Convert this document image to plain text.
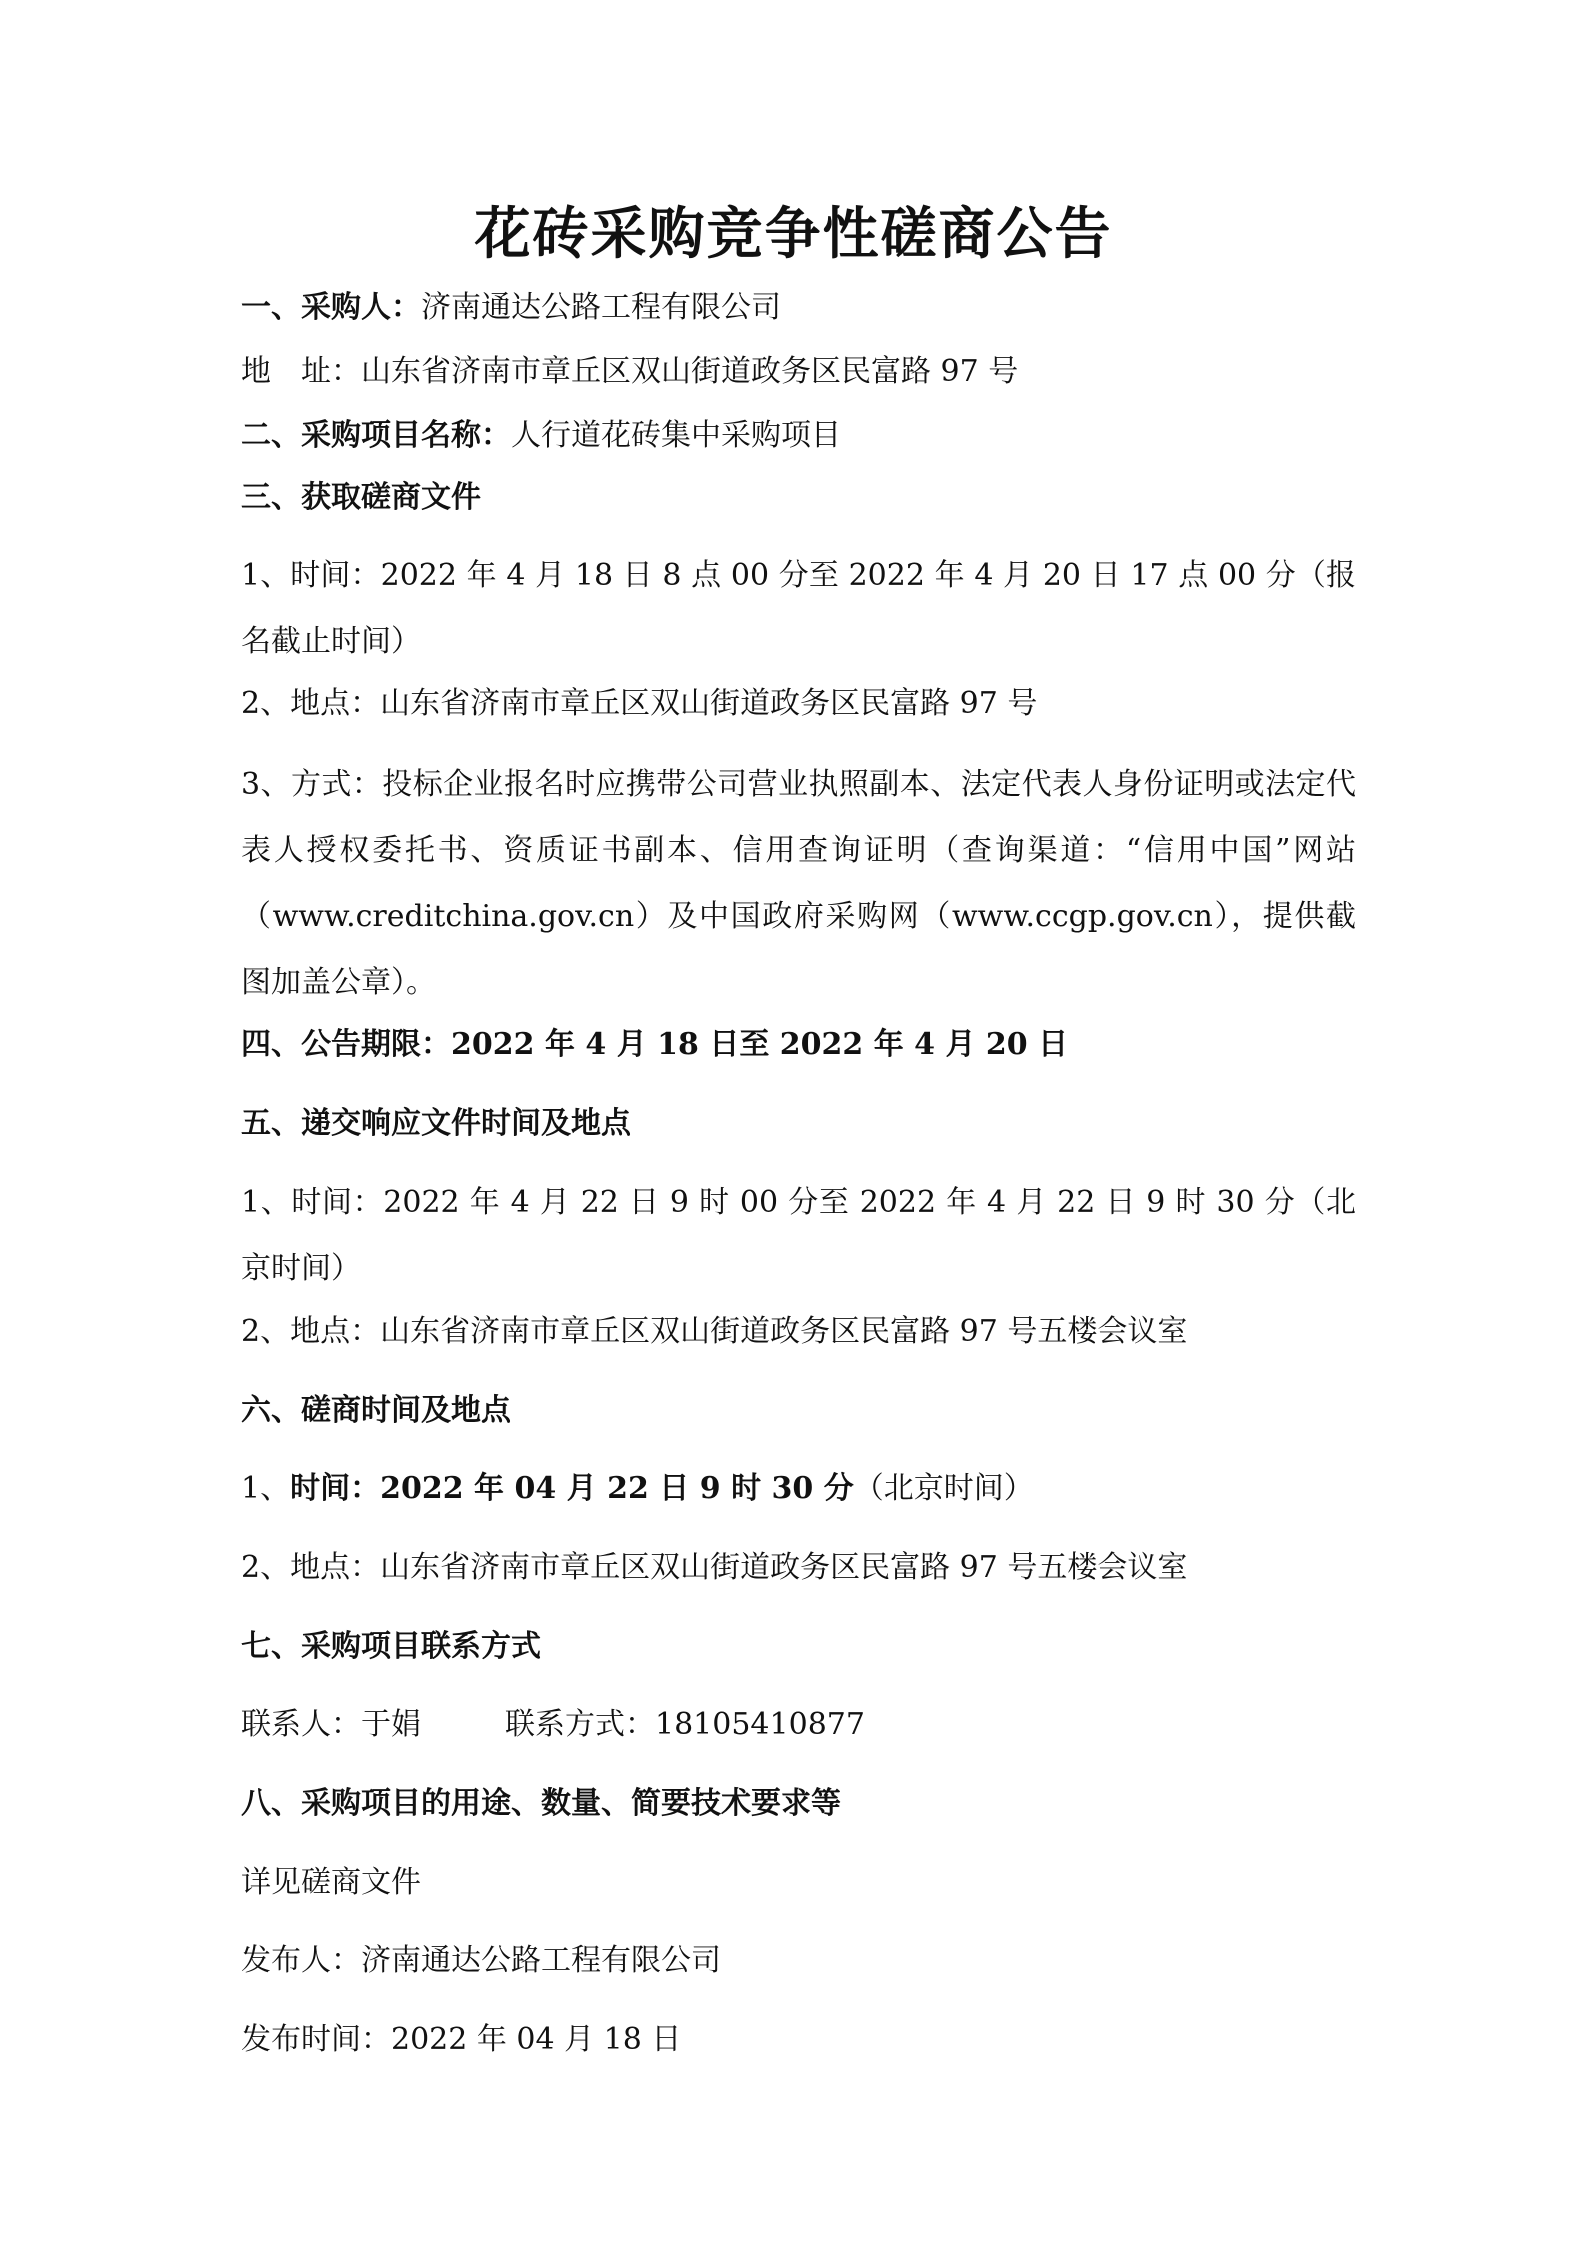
花砖采购竞争性磋商公告
一、采购人：济南通达公路工程有限公司
地 址：山东省济南市章丘区双山街道政务区民富路 97 号
二、采购项目名称：人行道花砖集中采购项目
三、获取磋商文件
1、时间：2022 年 4 月 18 日 8 点 00 分至 2022 年 4 月 20 日 17 点 00 分（报名截止时间）
2、地点：山东省济南市章丘区双山街道政务区民富路 97 号
3、方式：投标企业报名时应携带公司营业执照副本、法定代表人身份证明或法定代表人授权委托书、资质证书副本、信用查询证明（查询渠道：“信用中国”网站（www.creditchina.gov.cn）及中国政府采购网（www.ccgp.gov.cn），提供截图加盖公章）。
四、公告期限：2022 年 4 月 18 日至 2022 年 4 月 20 日
五、递交响应文件时间及地点
1、时间：2022 年 4 月 22 日 9 时 00 分至 2022 年 4 月 22 日 9 时 30 分（北京时间）
2、地点：山东省济南市章丘区双山街道政务区民富路 97 号五楼会议室
六、磋商时间及地点
1、时间：2022 年 04 月 22 日 9 时 30 分（北京时间）
2、地点：山东省济南市章丘区双山街道政务区民富路 97 号五楼会议室
七、采购项目联系方式
联系人：于娟	联系方式：18105410877
八、采购项目的用途、数量、简要技术要求等
详见磋商文件
发布人：济南通达公路工程有限公司
发布时间：2022 年 04 月 18 日
